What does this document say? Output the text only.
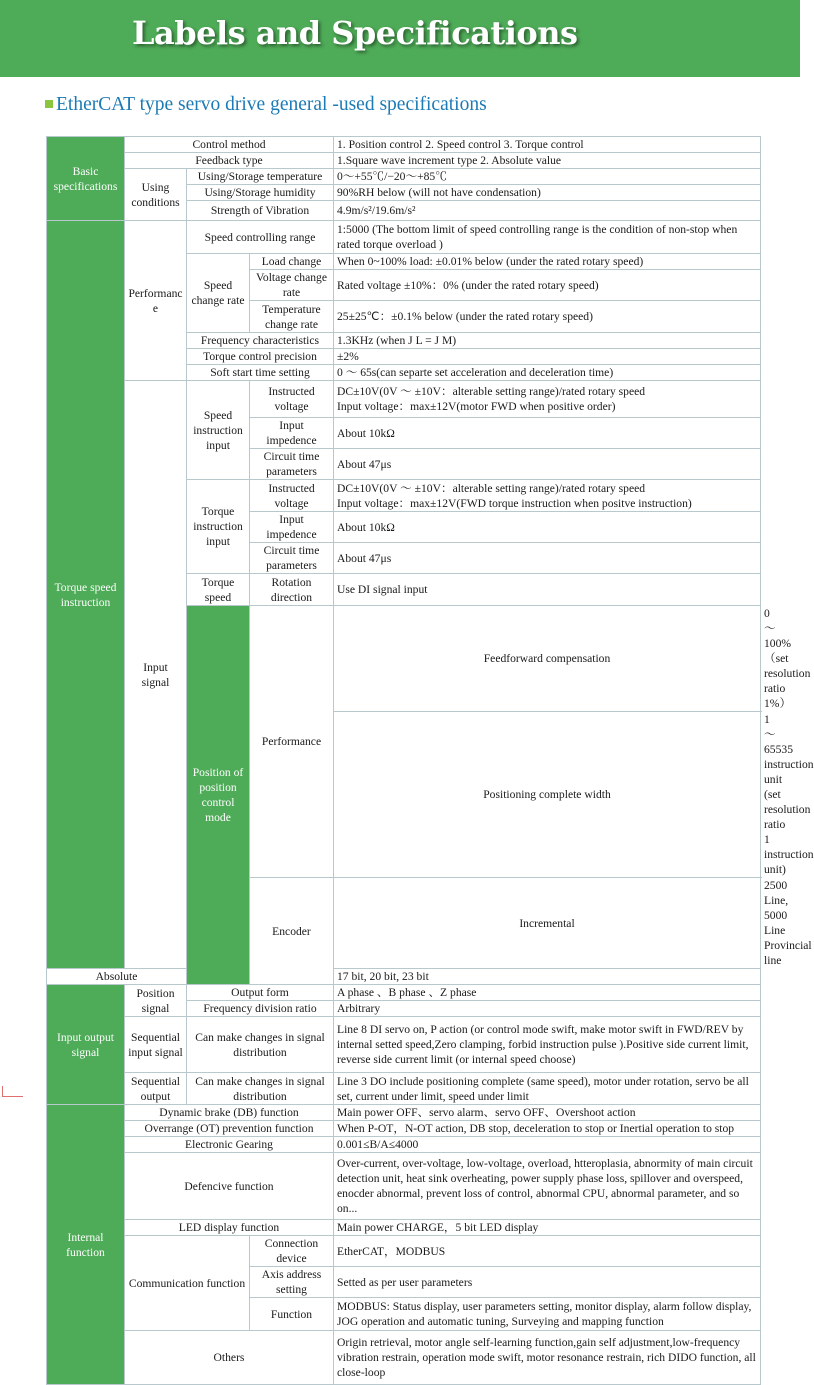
Labels and Specifications
EtherCAT type servo drive general -used specifications
Basic specifications	Control method			1. Position control 2. Speed control 3. Torque control	
	Feedback type			1.Square wave increment type 2. Absolute value	
	Using conditions	Using/Storage temperature		0～+55℃/−20～+85℃	
		Using/Storage humidity		90%RH below (will not have condensation)	
		Strength of Vibration		4.9m/s²/19.6m/s²	
Torque speed instruction	Performanc e	Speed controlling range		1:5000 (The bottom limit of speed controlling range is the condition of non-stop when rated torque overload )	
		Speed change rate	Load change	When 0~100% load: ±0.01% below (under the rated rotary speed)	
			Voltage change rate	Rated voltage ±10%：0% (under the rated rotary speed)	
			Temperature change rate	25±25℃：±0.1% below (under the rated rotary speed)	
		Frequency characteristics		1.3KHz (when J L = J M)	
		Torque control precision		±2%	
		Soft start time setting		0 ～ 65s(can separte set acceleration and deceleration time)	
	Input signal	Speed instruction input	Instructed voltage	DC±10V(0V ～ ±10V：alterable setting range)/rated rotary speed
Input voltage：max±12V(motor FWD when positive order)	

			Input impedence	About 10kΩ	
			Circuit time parameters	About 47μs	
		Torque instruction input	Instructed voltage	DC±10V(0V ～ ±10V：alterable setting range)/rated rotary speed
Input voltage：max±12V(FWD torque instruction when positve instruction)	

			Input impedence	About 10kΩ	
			Circuit time parameters	About 47μs	
		Torque speed	Rotation direction	Use DI signal input	
		Position of position control mode	Performance	Feedforward compensation	0～100%（set resolution ratio 1%）
				Positioning complete width	1～65535 instruction unit (set resolution ratio 1 instruction unit)
			Encoder	Incremental	2500 Line, 5000 Line Provincial line
Absolute				17 bit, 20 bit, 23 bit	
Input output signal	Position signal	Output form		A phase 、B phase 、Z phase	
		Frequency division ratio		Arbitrary	
	Sequential input signal	Can make changes in signal distribution		Line 8 DI servo on, P action (or control mode swift, make motor swift in FWD/REV by internal setted speed,Zero clamping, forbid instruction pulse ).Positive side current limit, reverse side current limit (or internal speed choose)	
	Sequential output	Can make changes in signal distribution		Line 3 DO include positioning complete (same speed), motor under rotation, servo be all set, current under limit, speed under limit	
Internal function	Dynamic brake (DB) function			Main power OFF、servo alarm、servo OFF、Overshoot action	
	Overrange (OT) prevention function			When P-OT，N-OT action, DB stop, deceleration to stop or Inertial operation to stop	
	Electronic Gearing			0.001≤B/A≤4000	
	Defencive function			Over-current, over-voltage, low-voltage, overload, htteroplasia, abnormity of main circuit detection unit, heat sink overheating, power supply phase loss, spillover and overspeed, enocder abnormal, prevent loss of control, abnormal CPU, abnormal parameter, and so on...	
	LED display function			Main power CHARGE，5 bit LED display	
	Communication function		Connection device	EtherCAT，MODBUS	
			Axis address setting	Setted as per user parameters	
			Function	MODBUS: Status display, user parameters setting, monitor display, alarm follow display, JOG operation and automatic tuning, Surveying and mapping function	
	Others			Origin retrieval, motor angle self-learning function,gain self adjustment,low-frequency vibration restrain, operation mode swift, motor resonance restrain, rich DIDO function, all close-loop	
